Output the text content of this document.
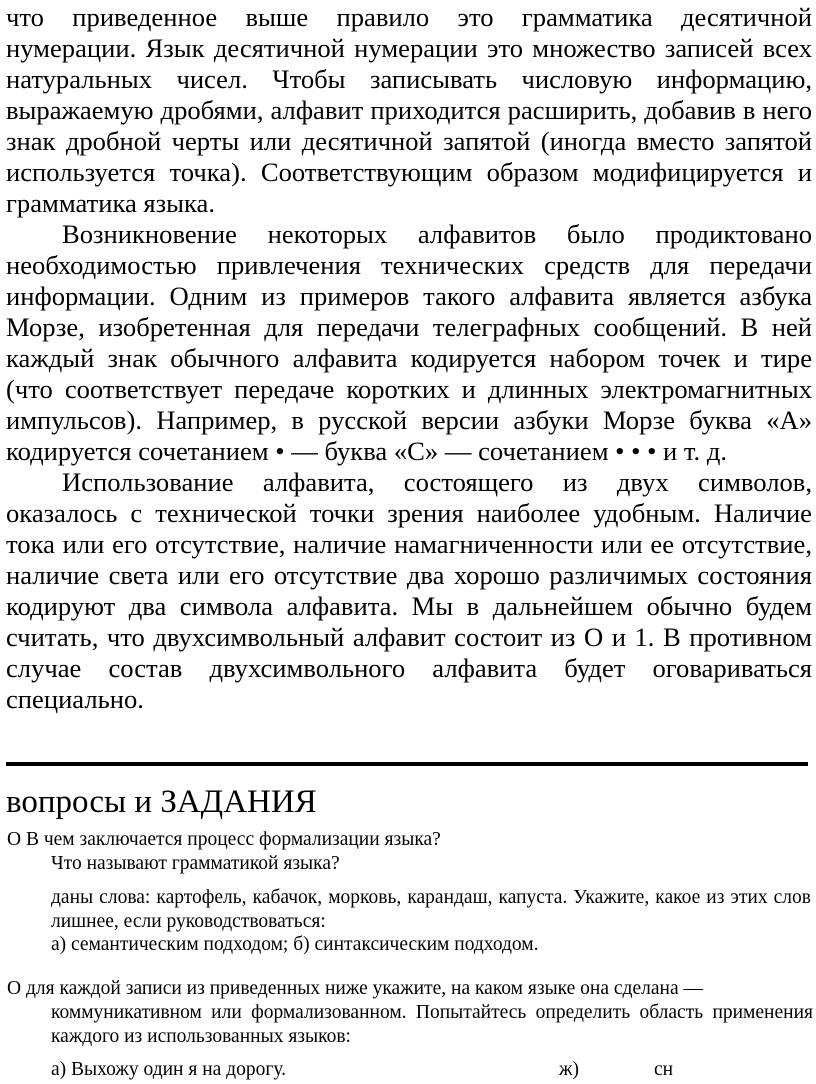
что приведенное выше правило это грамматика десятичной нумерации. Язык десятичной нумерации это множество записей всех натуральных чисел. Чтобы записывать числовую информацию, выражаемую дробями, алфавит приходится расширить, добавив в него знак дробной черты или десятичной запятой (иногда вместо запятой используется точка). Соответствующим образом модифицируется и грамматика языка.

Возникновение некоторых алфавитов было продиктовано необходимостью привлечения технических средств для передачи информации. Одним из примеров такого алфавита является азбука Морзе, изобретенная для передачи телеграфных сообщений. В ней каждый знак обычного алфавита кодируется набором точек и тире (что соответствует передаче коротких и длинных электромагнитных импульсов). Например, в русской версии азбуки Морзе буква «А» кодируется сочетанием • — буква «С» — сочетанием • • • и т. д.

Использование алфавита, состоящего из двух символов, оказалось с технической точки зрения наиболее удобным. Наличие тока или его отсутствие, наличие намагниченности или ее отсутствие, наличие света или его отсутствие два хорошо различимых состояния кодируют два символа алфавита. Мы в дальнейшем обычно будем считать, что двухсимвольный алфавит состоит из О и 1. В противном случае состав двухсимвольного алфавита будет оговариваться специально.

вопросы и ЗАДАНИЯ

О В чем заключается процесс формализации языка?

Что называют грамматикой языка?

даны слова: картофель, кабачок, морковь, карандаш, капуста. Укажите, какое из этих слов лишнее, если руководствоваться:

а) семантическим подходом; б) синтаксическим подходом.

О для каждой записи из приведенных ниже укажите, на каком языке она сделана —

коммуникативном или формализованном. Попытайтесь определить область применения каждого из использованных языков:

а) Выхожу один я на дорогу.	ж)	сн
